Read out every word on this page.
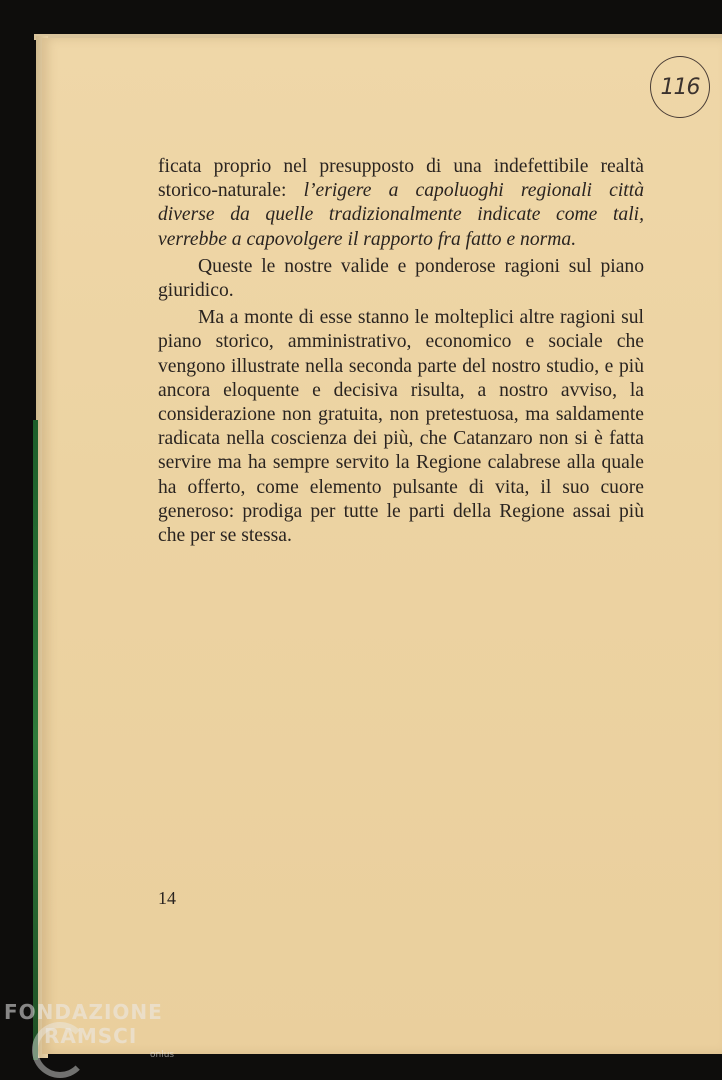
116

ficata proprio nel presupposto di una indefettibile realtà storico-naturale: l’erigere a capoluoghi regionali città diverse da quelle tradizionalmente indicate come tali, verrebbe a capovolgere il rapporto fra fatto e norma.

Queste le nostre valide e ponderose ragioni sul piano giuridico.

Ma a monte di esse stanno le molteplici altre ragioni sul piano storico, amministrativo, economico e sociale che vengono illustrate nella seconda parte del nostro studio, e più ancora eloquente e decisiva risulta, a nostro avviso, la considerazione non gratuita, non pretestuosa, ma saldamente radicata nella coscienza dei più, che Catanzaro non si è fatta servire ma ha sempre servito la Regione calabrese alla quale ha offerto, come elemento pulsante di vita, il suo cuore generoso: prodiga per tutte le parti della Regione assai più che per se stessa.

14
FONDAZIONE
RAMSCI
onlus
